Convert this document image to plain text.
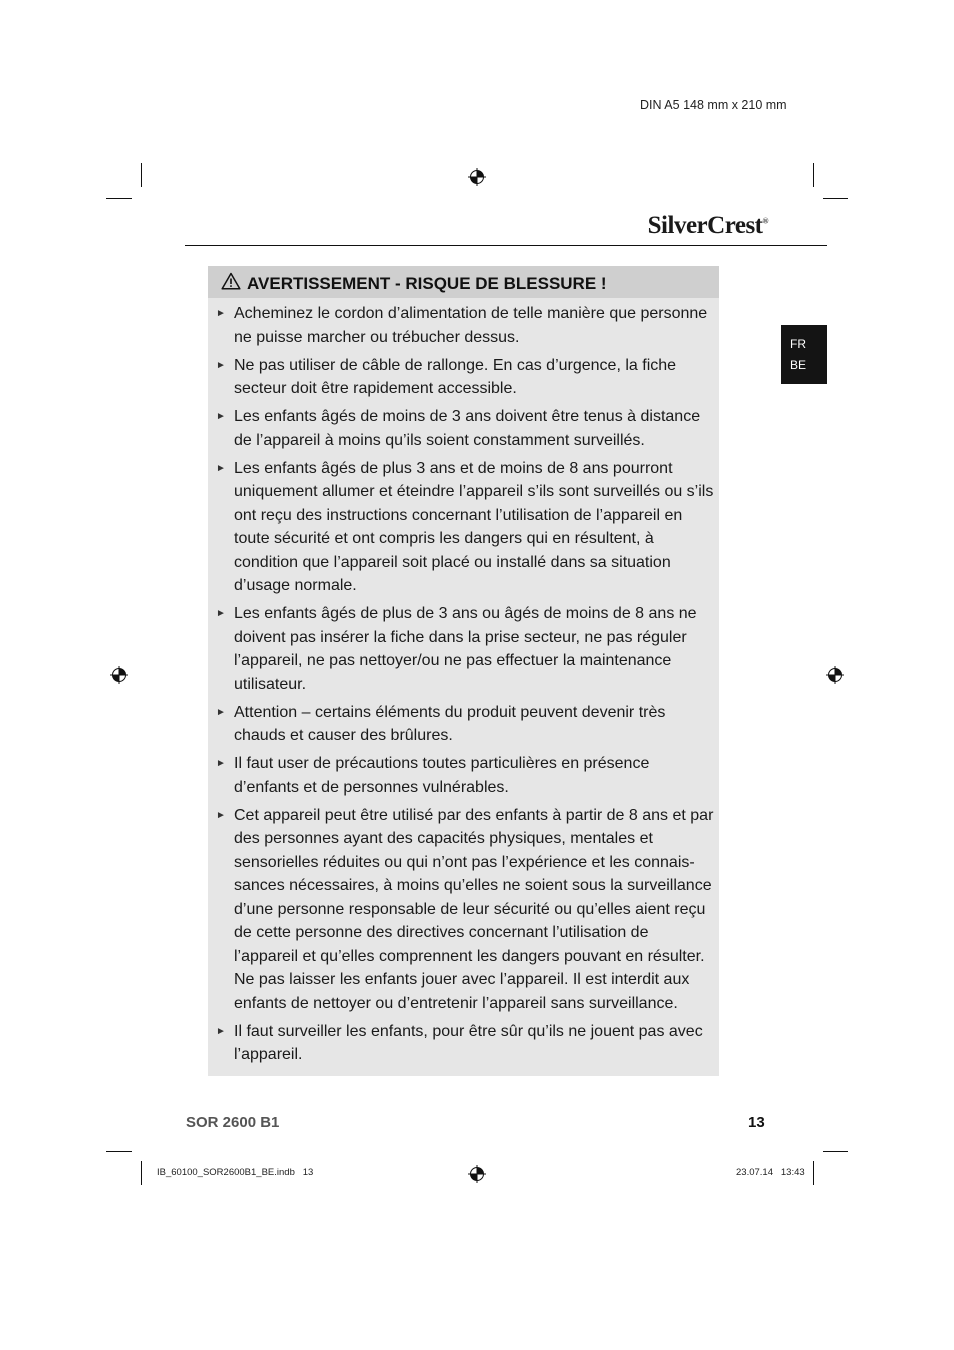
DIN A5 148 mm x 210 mm
SilverCrest®
FR
BE
AVERTISSEMENT - RISQUE DE BLESSURE !
► Acheminez le cordon d’alimentation de telle manière que personne ne puisse marcher ou trébucher dessus.
► Ne pas utiliser de câble de rallonge. En cas d’urgence, la fiche secteur doit être rapidement accessible.
► Les enfants âgés de moins de 3 ans doivent être tenus à distance de l’appareil à moins qu’ils soient constamment surveillés.
► Les enfants âgés de plus 3 ans et de moins de 8 ans pourront uniquement allumer et éteindre l’appareil s’ils sont surveillés ou s’ils ont reçu des instructions concernant l’utilisation de l’appareil en toute sécurité et ont compris les dangers qui en résultent, à condition que l’appareil soit placé ou installé dans sa situation d’usage normale.
► Les enfants âgés de plus de 3 ans ou âgés de moins de 8 ans ne doivent pas insérer la fiche dans la prise secteur, ne pas réguler l’appareil, ne pas nettoyer/ou ne pas effectuer la maintenance utilisateur.
► Attention – certains éléments du produit peuvent devenir très chauds et causer des brûlures.
► Il faut user de précautions toutes particulières en présence d’enfants et de personnes vulnérables.
► Cet appareil peut être utilisé par des enfants à partir de 8 ans et par des personnes ayant des capacités physiques, mentales et sensorielles réduites ou qui n’ont pas l’expérience et les connais- sances nécessaires, à moins qu’elles ne soient sous la surveillance d’une personne responsable de leur sécurité ou qu’elles aient reçu de cette personne des directives concernant l’utilisation de l’appareil et qu’elles comprennent les dangers pouvant en résulter. Ne pas laisser les enfants jouer avec l’appareil. Il est interdit aux enfants de nettoyer ou d’entretenir l’appareil sans surveillance.
► Il faut surveiller les enfants, pour être sûr qu’ils ne jouent pas avec l’appareil.
SOR 2600 B1	13
IB_60100_SOR2600B1_BE.indb   13	23.07.14   13:43
